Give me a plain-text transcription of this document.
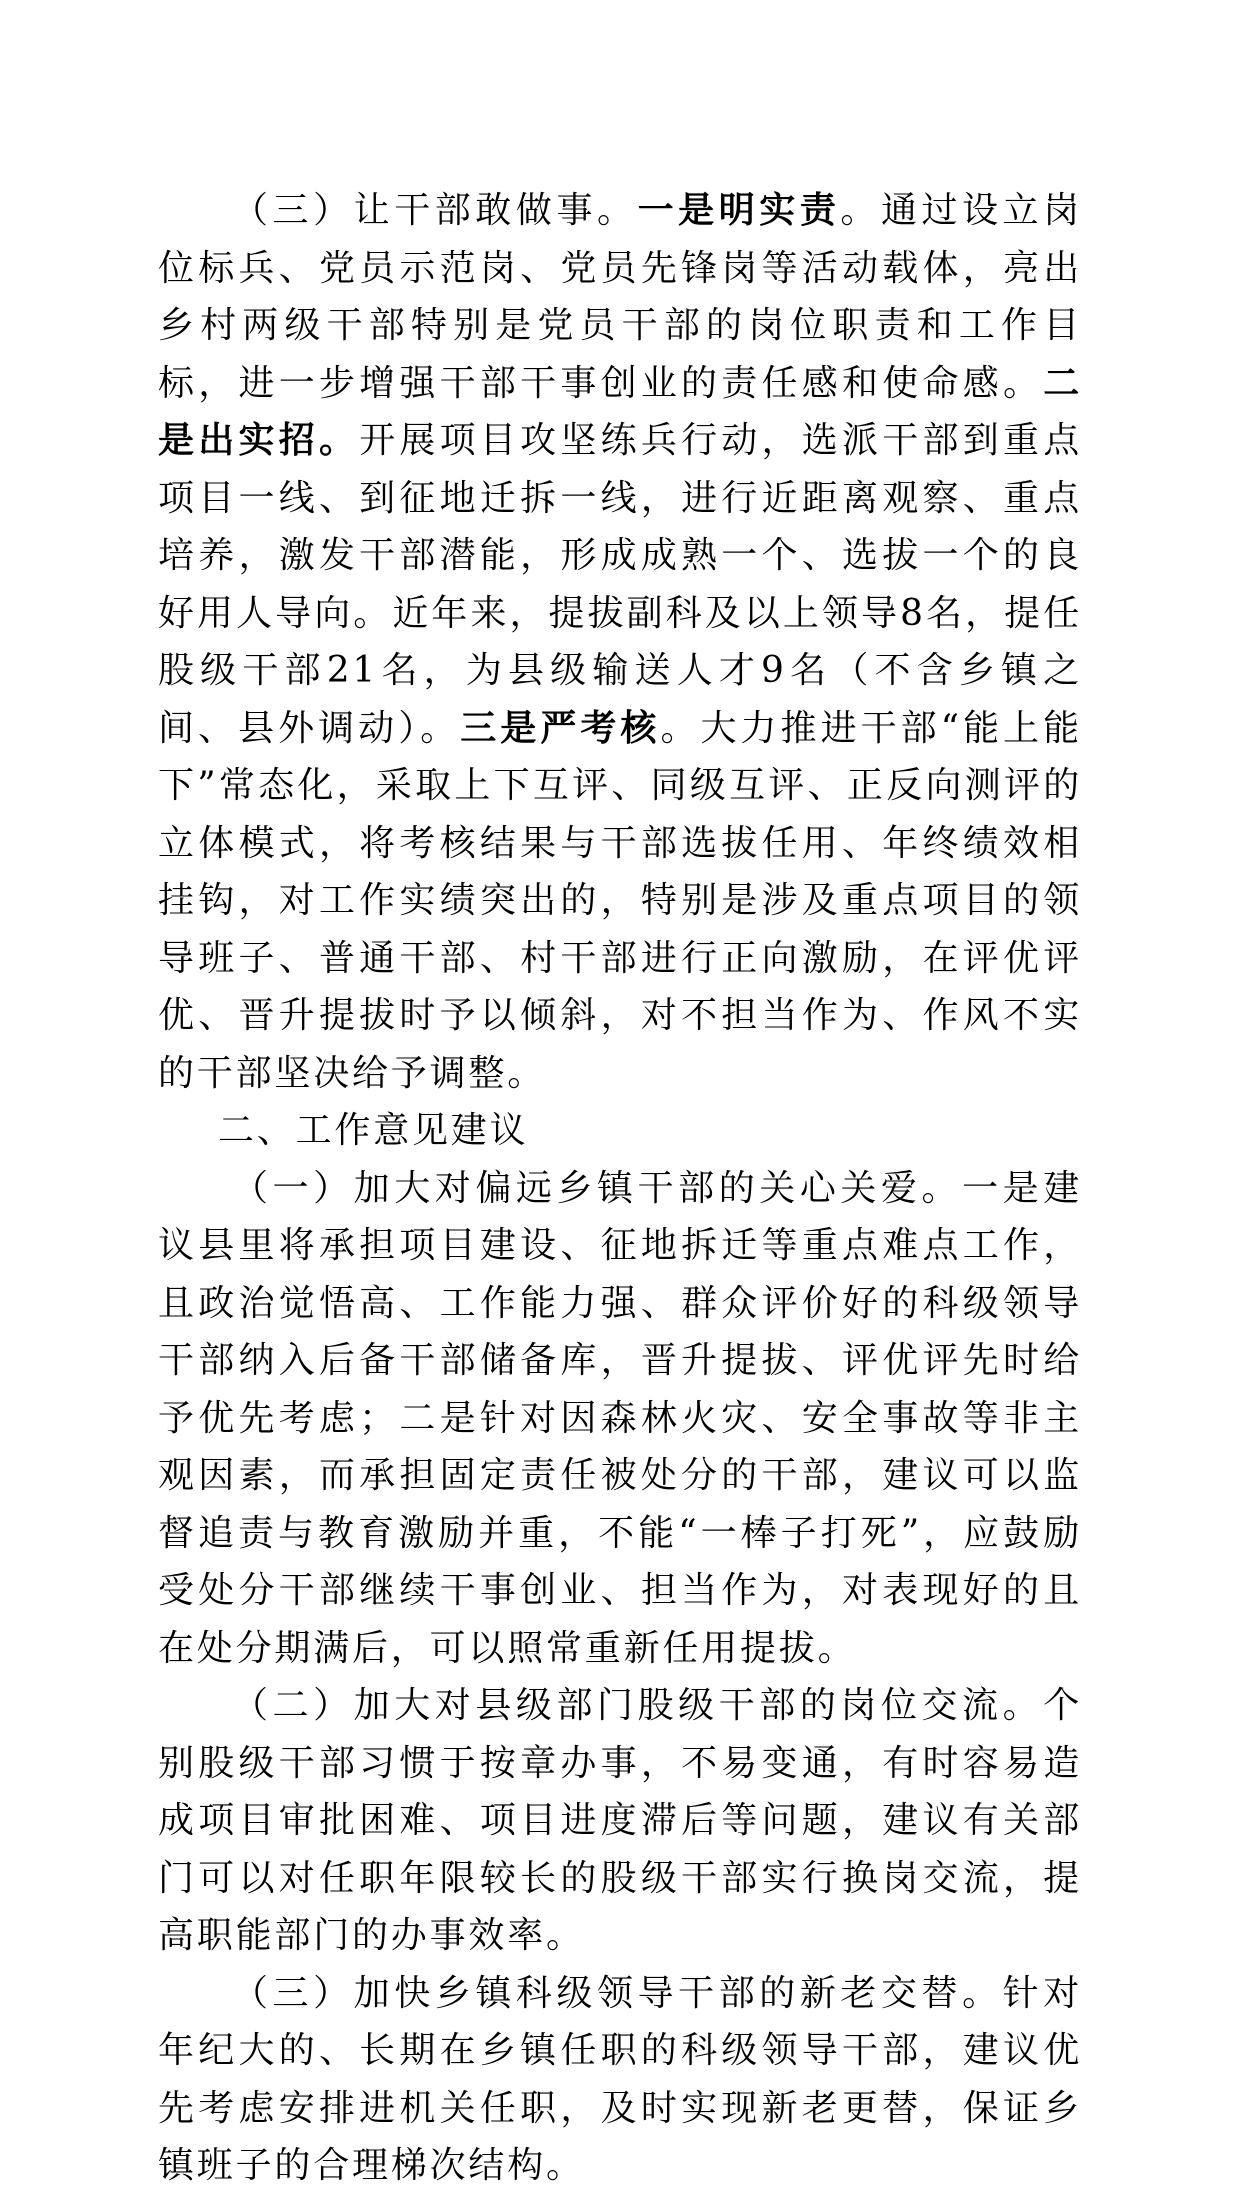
（三）让干部敢做事。一是明实责。通过设立岗位标兵、党员示范岗、党员先锋岗等活动载体，亮出乡村两级干部特别是党员干部的岗位职责和工作目标，进一步增强干部干事创业的责任感和使命感。二是出实招。开展项目攻坚练兵行动，选派干部到重点项目一线、到征地迁拆一线，进行近距离观察、重点培养，激发干部潜能，形成成熟一个、选拔一个的良好用人导向。近年来，提拔副科及以上领导8名，提任股级干部21名，为县级输送人才9名（不含乡镇之间、县外调动）。三是严考核。大力推进干部“能上能下”常态化，采取上下互评、同级互评、正反向测评的立体模式，将考核结果与干部选拔任用、年终绩效相挂钩，对工作实绩突出的，特别是涉及重点项目的领导班子、普通干部、村干部进行正向激励，在评优评优、晋升提拔时予以倾斜，对不担当作为、作风不实的干部坚决给予调整。

二、工作意见建议

（一）加大对偏远乡镇干部的关心关爱。一是建议县里将承担项目建设、征地拆迁等重点难点工作，且政治觉悟高、工作能力强、群众评价好的科级领导干部纳入后备干部储备库，晋升提拔、评优评先时给予优先考虑；二是针对因森林火灾、安全事故等非主观因素，而承担固定责任被处分的干部，建议可以监督追责与教育激励并重，不能“一棒子打死”，应鼓励受处分干部继续干事创业、担当作为，对表现好的且在处分期满后，可以照常重新任用提拔。

（二）加大对县级部门股级干部的岗位交流。个别股级干部习惯于按章办事，不易变通，有时容易造成项目审批困难、项目进度滞后等问题，建议有关部门可以对任职年限较长的股级干部实行换岗交流，提高职能部门的办事效率。

（三）加快乡镇科级领导干部的新老交替。针对年纪大的、长期在乡镇任职的科级领导干部，建议优先考虑安排进机关任职，及时实现新老更替，保证乡镇班子的合理梯次结构。
